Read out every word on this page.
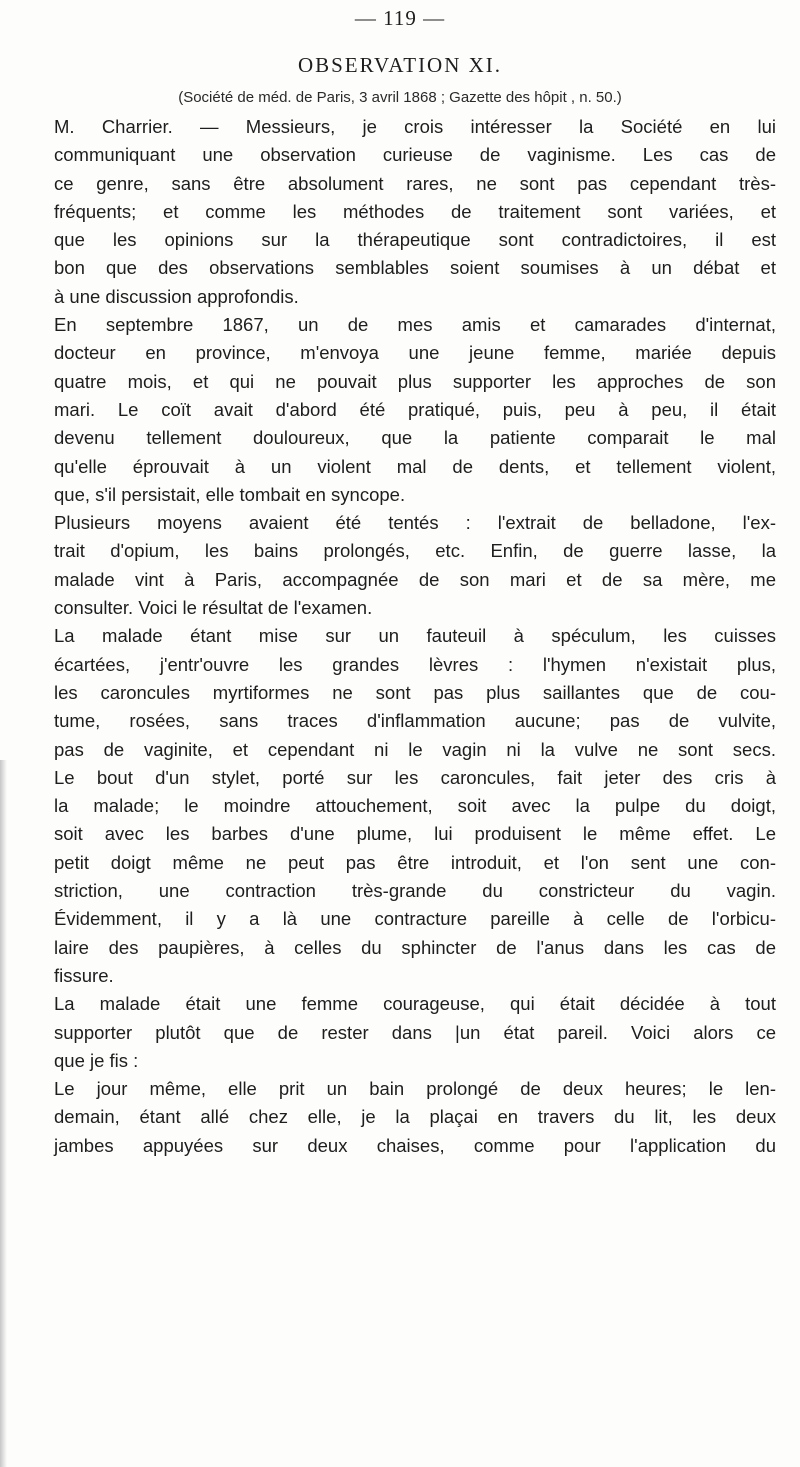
— 119 —
OBSERVATION XI.
(Société de méd. de Paris, 3 avril 1868 ; Gazette des hôpit , n. 50.)
M. Charrier. — Messieurs, je crois intéresser la Société en lui
communiquant une observation curieuse de vaginisme. Les cas de
ce genre, sans être absolument rares, ne sont pas cependant très-
fréquents; et comme les méthodes de traitement sont variées, et
que les opinions sur la thérapeutique sont contradictoires, il est
bon que des observations semblables soient soumises à un débat et
à une discussion approfondis.
En septembre 1867, un de mes amis et camarades d'internat,
docteur en province, m'envoya une jeune femme, mariée depuis
quatre mois, et qui ne pouvait plus supporter les approches de son
mari. Le coït avait d'abord été pratiqué, puis, peu à peu, il était
devenu tellement douloureux, que la patiente comparait le mal
qu'elle éprouvait à un violent mal de dents, et tellement violent,
que, s'il persistait, elle tombait en syncope.
Plusieurs moyens avaient été tentés : l'extrait de belladone, l'ex-
trait d'opium, les bains prolongés, etc. Enfin, de guerre lasse, la
malade vint à Paris, accompagnée de son mari et de sa mère, me
consulter. Voici le résultat de l'examen.
La malade étant mise sur un fauteuil à spéculum, les cuisses
écartées, j'entr'ouvre les grandes lèvres : l'hymen n'existait plus,
les caroncules myrtiformes ne sont pas plus saillantes que de cou-
tume, rosées, sans traces d'inflammation aucune; pas de vulvite,
pas de vaginite, et cependant ni le vagin ni la vulve ne sont secs.
Le bout d'un stylet, porté sur les caroncules, fait jeter des cris à
la malade; le moindre attouchement, soit avec la pulpe du doigt,
soit avec les barbes d'une plume, lui produisent le même effet. Le
petit doigt même ne peut pas être introduit, et l'on sent une con-
striction, une contraction très-grande du constricteur du vagin.
Évidemment, il y a là une contracture pareille à celle de l'orbicu-
laire des paupières, à celles du sphincter de l'anus dans les cas de
fissure.
La malade était une femme courageuse, qui était décidée à tout
supporter plutôt que de rester dans |un état pareil. Voici alors ce
que je fis :
Le jour même, elle prit un bain prolongé de deux heures; le len-
demain, étant allé chez elle, je la plaçai en travers du lit, les deux
jambes appuyées sur deux chaises, comme pour l'application du
